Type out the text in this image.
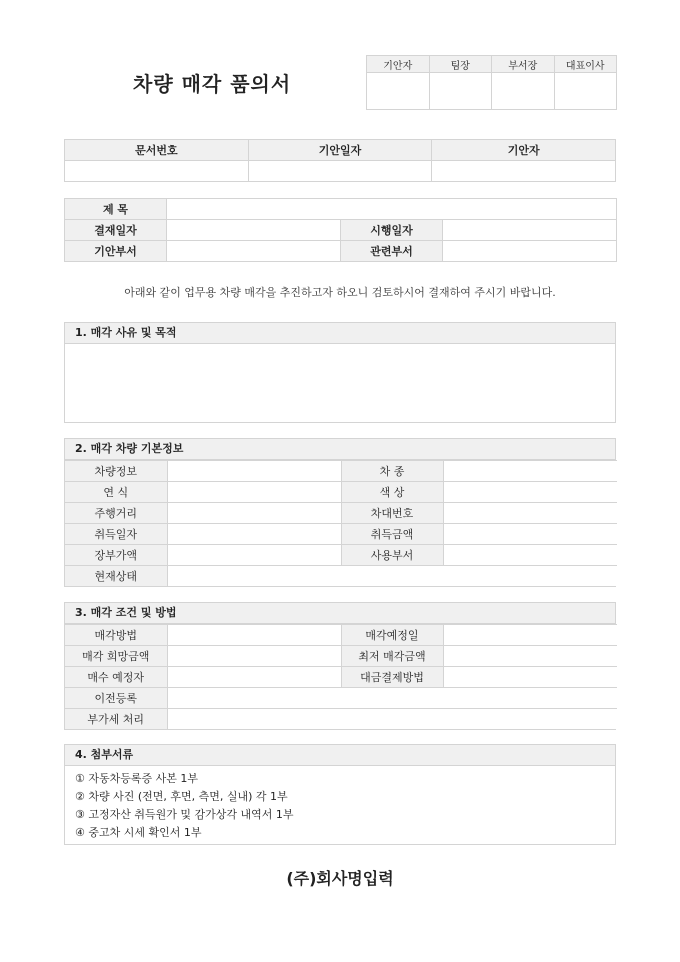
차량 매각 품의서
기안자	팀장	부서장	대표이사

문서번호	기안일자	기안자

제 목			
결재일자		시행일자	
기안부서		관련부서	
아래와 같이 업무용 차량 매각을 추진하고자 하오니 검토하시어 결재하여 주시기 바랍니다.
1. 매각 사유 및 목적
2. 매각 차량 기본정보
차량정보		차 종	
연 식		색 상	
주행거리		차대번호	
취득일자		취득금액	
장부가액		사용부서	
현재상태			
3. 매각 조건 및 방법
매각방법		매각예정일	
매각 희망금액		최저 매각금액	
매수 예정자		대금결제방법	
이전등록			
부가세 처리			
4. 첨부서류
① 자동차등록증 사본 1부
② 차량 사진 (전면, 후면, 측면, 실내) 각 1부
③ 고정자산 취득원가 및 감가상각 내역서 1부
④ 중고차 시세 확인서 1부
(주)회사명입력
